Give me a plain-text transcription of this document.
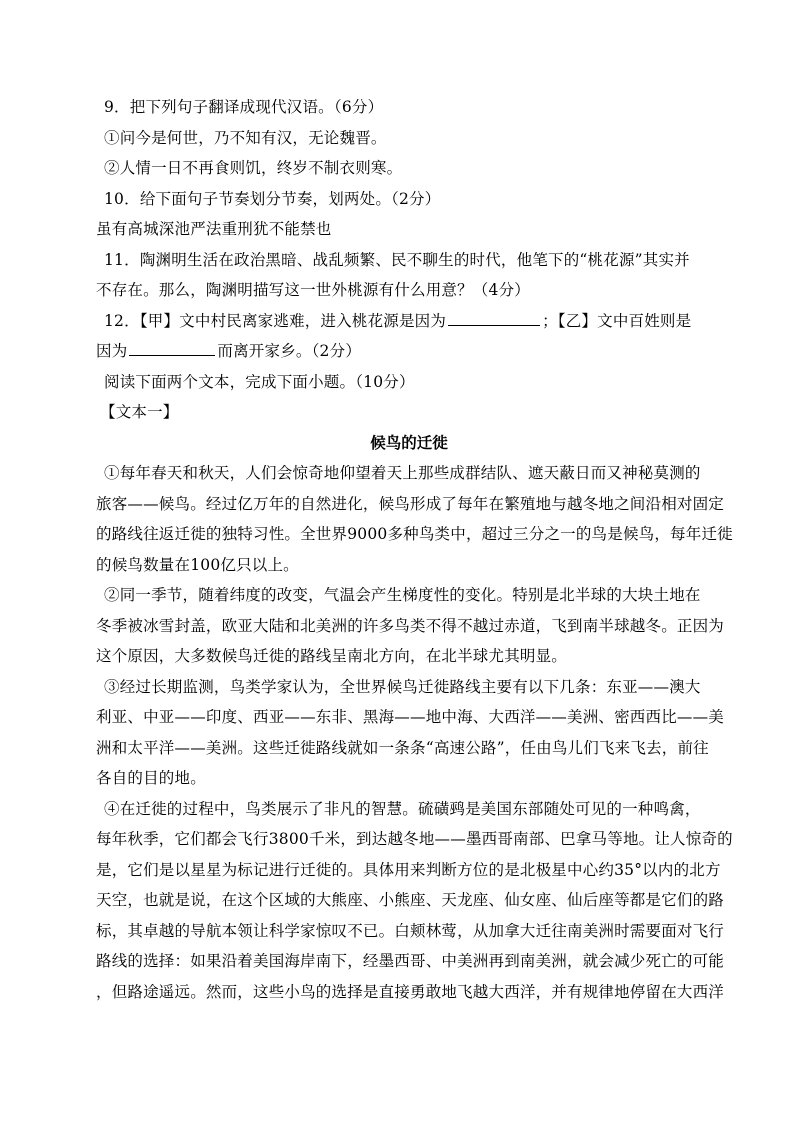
9．把下列句子翻译成现代汉语。（6分）
①问今是何世，乃不知有汉，无论魏晋。
②人情一日不再食则饥，终岁不制衣则寒。
10．给下面句子节奏划分节奏，划两处。（2分）
虽有高城深池严法重刑犹不能禁也
11．陶渊明生活在政治黑暗、战乱频繁、民不聊生的时代，他笔下的“桃花源”其实并
不存在。那么，陶渊明描写这一世外桃源有什么用意？（4分）
12．【甲】文中村民离家逃难，进入桃花源是因为	；【乙】文中百姓则是
因为	而离开家乡。（2分）
阅读下面两个文本，完成下面小题。（10分）
【文本一】
候鸟的迁徙
①每年春天和秋天，人们会惊奇地仰望着天上那些成群结队、遮天蔽日而又神秘莫测的
旅客——候鸟。经过亿万年的自然进化，候鸟形成了每年在繁殖地与越冬地之间沿相对固定
的路线往返迁徙的独特习性。全世界9000多种鸟类中，超过三分之一的鸟是候鸟，每年迁徙
的候鸟数量在100亿只以上。
②同一季节，随着纬度的改变，气温会产生梯度性的变化。特别是北半球的大块土地在
冬季被冰雪封盖，欧亚大陆和北美洲的许多鸟类不得不越过赤道，飞到南半球越冬。正因为
这个原因，大多数候鸟迁徙的路线呈南北方向，在北半球尤其明显。
③经过长期监测，鸟类学家认为，全世界候鸟迁徙路线主要有以下几条：东亚——澳大
利亚、中亚——印度、西亚——东非、黑海——地中海、大西洋——美洲、密西西比——美
洲和太平洋——美洲。这些迁徙路线就如一条条“高速公路”，任由鸟儿们飞来飞去，前往
各自的目的地。
④在迁徙的过程中，鸟类展示了非凡的智慧。硫磺鹀是美国东部随处可见的一种鸣禽，
每年秋季，它们都会飞行3800千米，到达越冬地——墨西哥南部、巴拿马等地。让人惊奇的
是，它们是以星星为标记进行迁徙的。具体用来判断方位的是北极星中心约35°以内的北方
天空，也就是说，在这个区域的大熊座、小熊座、天龙座、仙女座、仙后座等都是它们的路
标，其卓越的导航本领让科学家惊叹不已。白颊林莺，从加拿大迁往南美洲时需要面对飞行
路线的选择：如果沿着美国海岸南下，经墨西哥、中美洲再到南美洲，就会减少死亡的可能
，但路途遥远。然而，这些小鸟的选择是直接勇敢地飞越大西洋，并有规律地停留在大西洋
